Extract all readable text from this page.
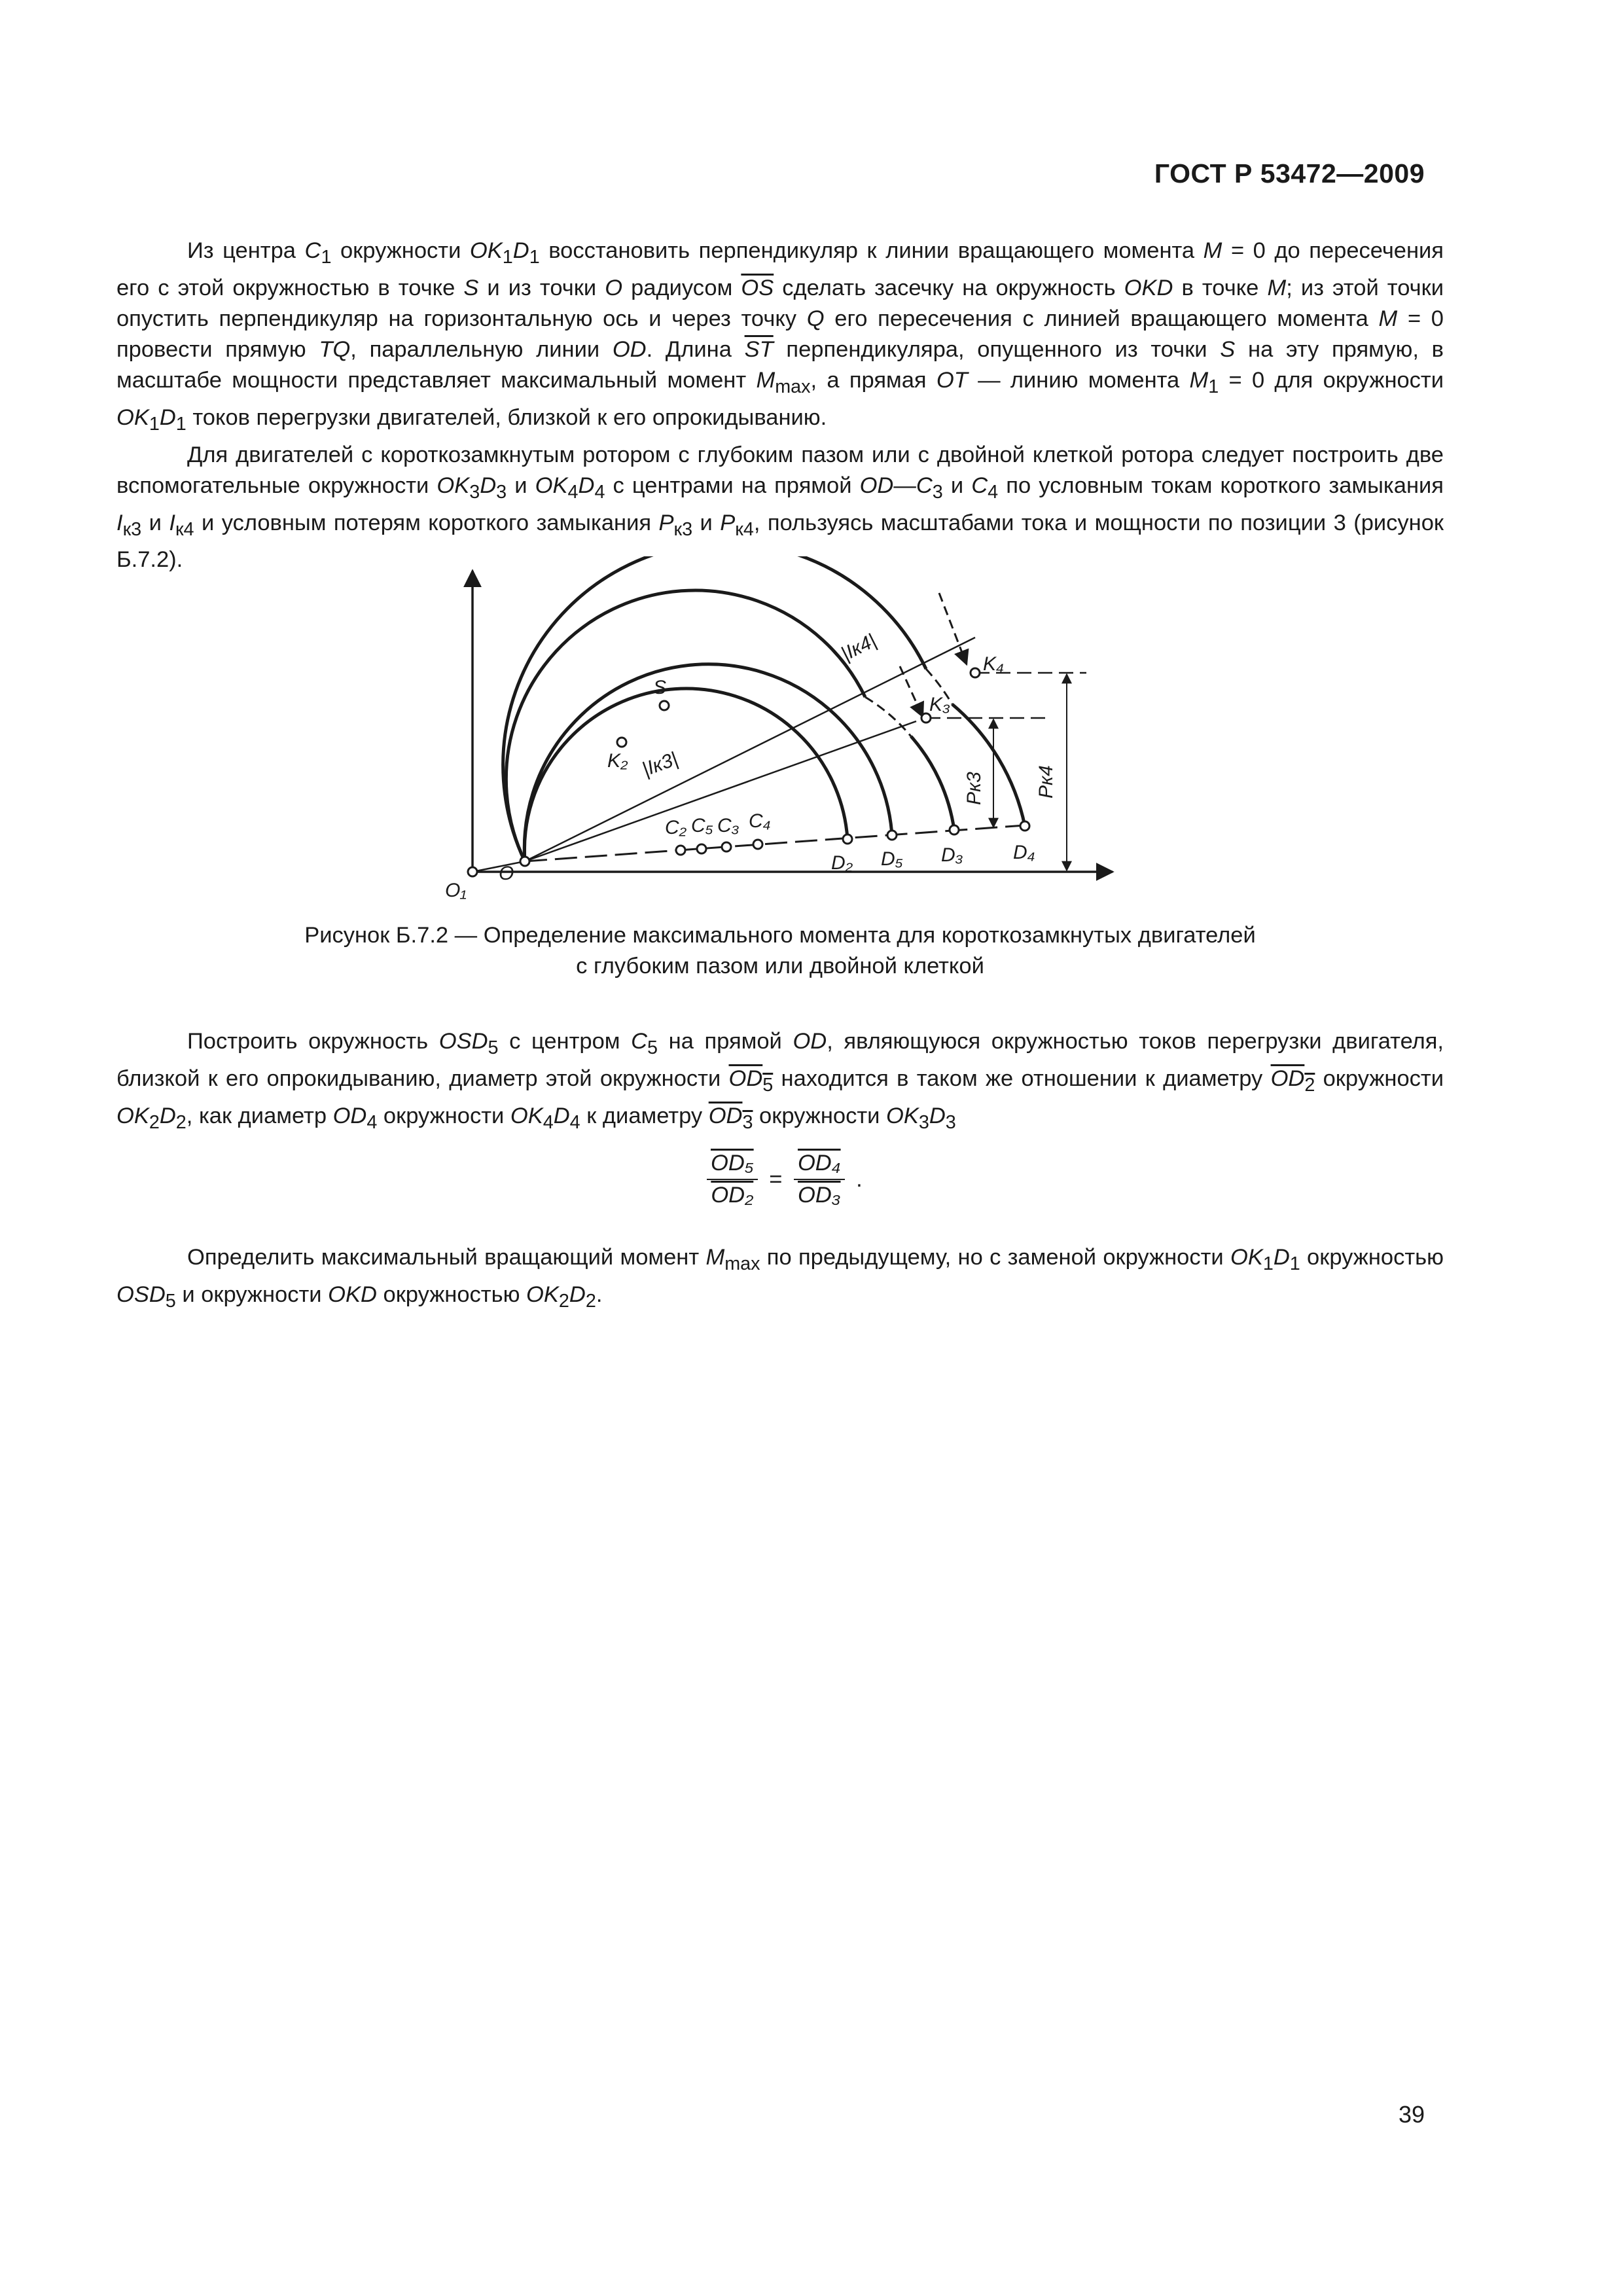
ГОСТ Р 53472—2009

Из центра $C_1$ окружности $OK_1D_1$ восстановить перпендикуляр к линии вращающего момента M = 0 до пересечения его с этой окружностью в точке S и из точки O радиусом $\overline{OS}$ сделать засечку на окружность OKD в точке M; из этой точки опустить перпендикуляр на горизонтальную ось и через точку Q его пересечения с линией вращающего момента M = 0 провести прямую TQ, параллельную линии OD. Длина $\overline{ST}$ перпендикуляра, опущенного из точки S на эту прямую, в масштабе мощности представляет максимальный момент $M_{max}$, а прямая OT — линию момента $M_1 = 0$ для окружности $OK_1D_1$ токов перегрузки двигателей, близкой к его опрокидыванию.

Для двигателей с короткозамкнутым ротором с глубоким пазом или с двойной клеткой ротора следует построить две вспомогательные окружности $OK_3D_3$ и $OK_4D_4$ с центрами на прямой $OD—C_3$ и $C_4$ по условным токам короткого замыкания $I_{к3}$ и $I_{к4}$ и условным потерям короткого замыкания $P_{к3}$ и $P_{к4}$, пользуясь масштабами тока и мощности по позиции 3 (рисунок Б.7.2).

S
K₂
K₃
K₄
C₂ C₅ C₃ C₄
D₂ D₅ D₃	D₄
O
O₁
|Iк3|
|Iк4|
Pк3	Pк4
Рисунок Б.7.2 — Определение максимального момента для короткозамкнутых двигателей
с глубоким пазом или двойной клеткой

Построить окружность $OSD_5$ с центром $C_5$ на прямой OD, являющуюся окружностью токов перегрузки двигателя, близкой к его опрокидыванию, диаметр этой окружности $OD_5$ находится в таком же отношении к диаметру $OD_2$ окружности $OK_2D_2$, как диаметр $OD_4$ окружности $OK_4D_4$ к диаметру $OD_3$ окружности $OK_3D_3$

$\frac{\text{OD₅}}{\text{OD₂}} = \frac{\text{OD₄}}{\text{OD₃}}$ .

Определить максимальный вращающий момент $M_{max}$ по предыдущему, но с заменой окружности $OK_1D_1$ окружностью $OSD_5$ и окружности OKD окружностью $OK_2D_2$.

39
